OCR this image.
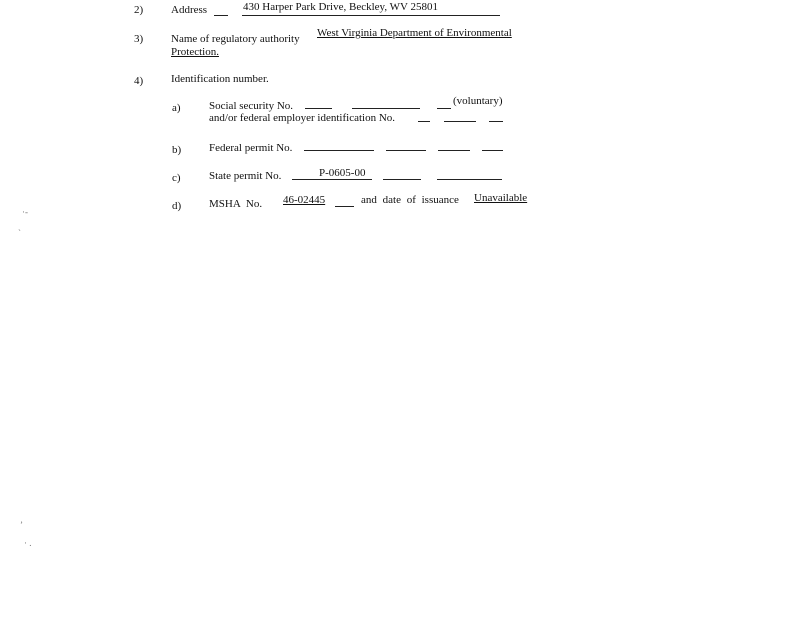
2)	Address	430 Harper Park Drive, Beckley, WV 25801
3)	Name of regulatory authority West Virginia Department of Environmental
Protection.
4)	Identification number.
a)	Social security No.	(voluntary)
and/or federal employer identification No.
b)	Federal permit No.
c)	State permit No.	P-0605-00
d)	MSHA No. 46-02445	and date of issuance Unavailable
·‐
ˋ
ʼ
· .
